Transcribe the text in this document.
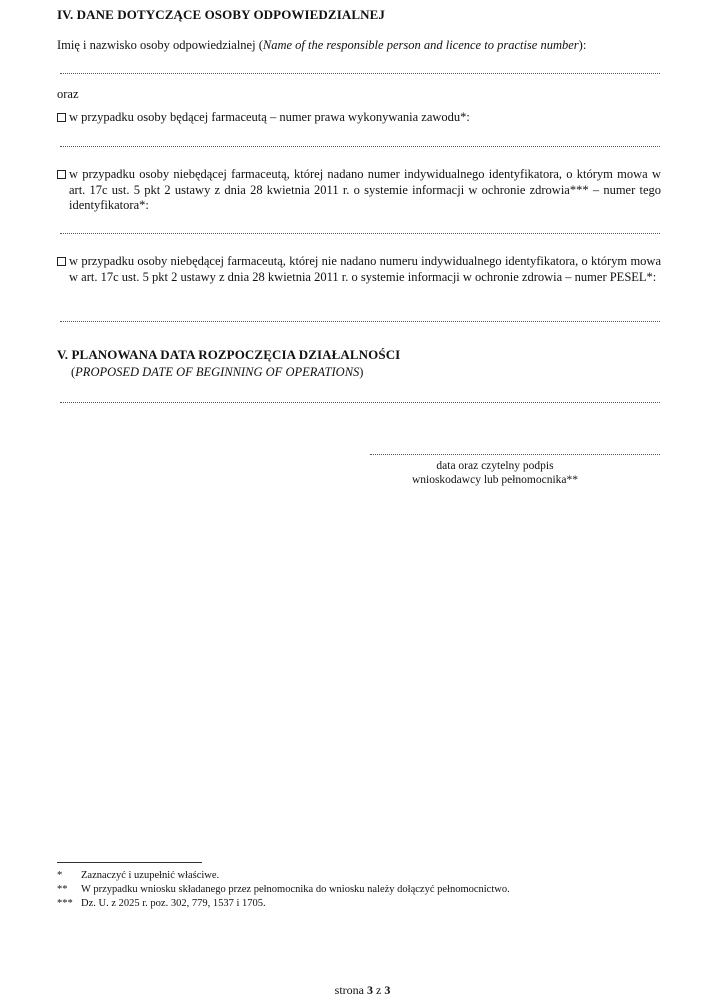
IV. DANE DOTYCZĄCE OSOBY ODPOWIEDZIALNEJ
Imię i nazwisko osoby odpowiedzialnej (Name of the responsible person and licence to practise number):
oraz
w przypadku osoby będącej farmaceutą – numer prawa wykonywania zawodu*:
w przypadku osoby niebędącej farmaceutą, której nadano numer indywidualnego identyfikatora, o którym mowa w art. 17c ust. 5 pkt 2 ustawy z dnia 28 kwietnia 2011 r. o systemie informacji w ochronie zdrowia*** – numer tego identyfikatora*:
w przypadku osoby niebędącej farmaceutą, której nie nadano numeru indywidualnego identyfikatora, o którym mowa w art. 17c ust. 5 pkt 2 ustawy z dnia 28 kwietnia 2011 r. o systemie informacji w ochronie zdrowia – numer PESEL*:
V. PLANOWANA DATA ROZPOCZĘCIA DZIAŁALNOŚCI
(PROPOSED DATE OF BEGINNING OF OPERATIONS)
data oraz czytelny podpis
wnioskodawcy lub pełnomocnika**
* Zaznaczyć i uzupełnić właściwe.
** W przypadku wniosku składanego przez pełnomocnika do wniosku należy dołączyć pełnomocnictwo.
*** Dz. U. z 2025 r. poz. 302, 779, 1537 i 1705.
strona 3 z 3
